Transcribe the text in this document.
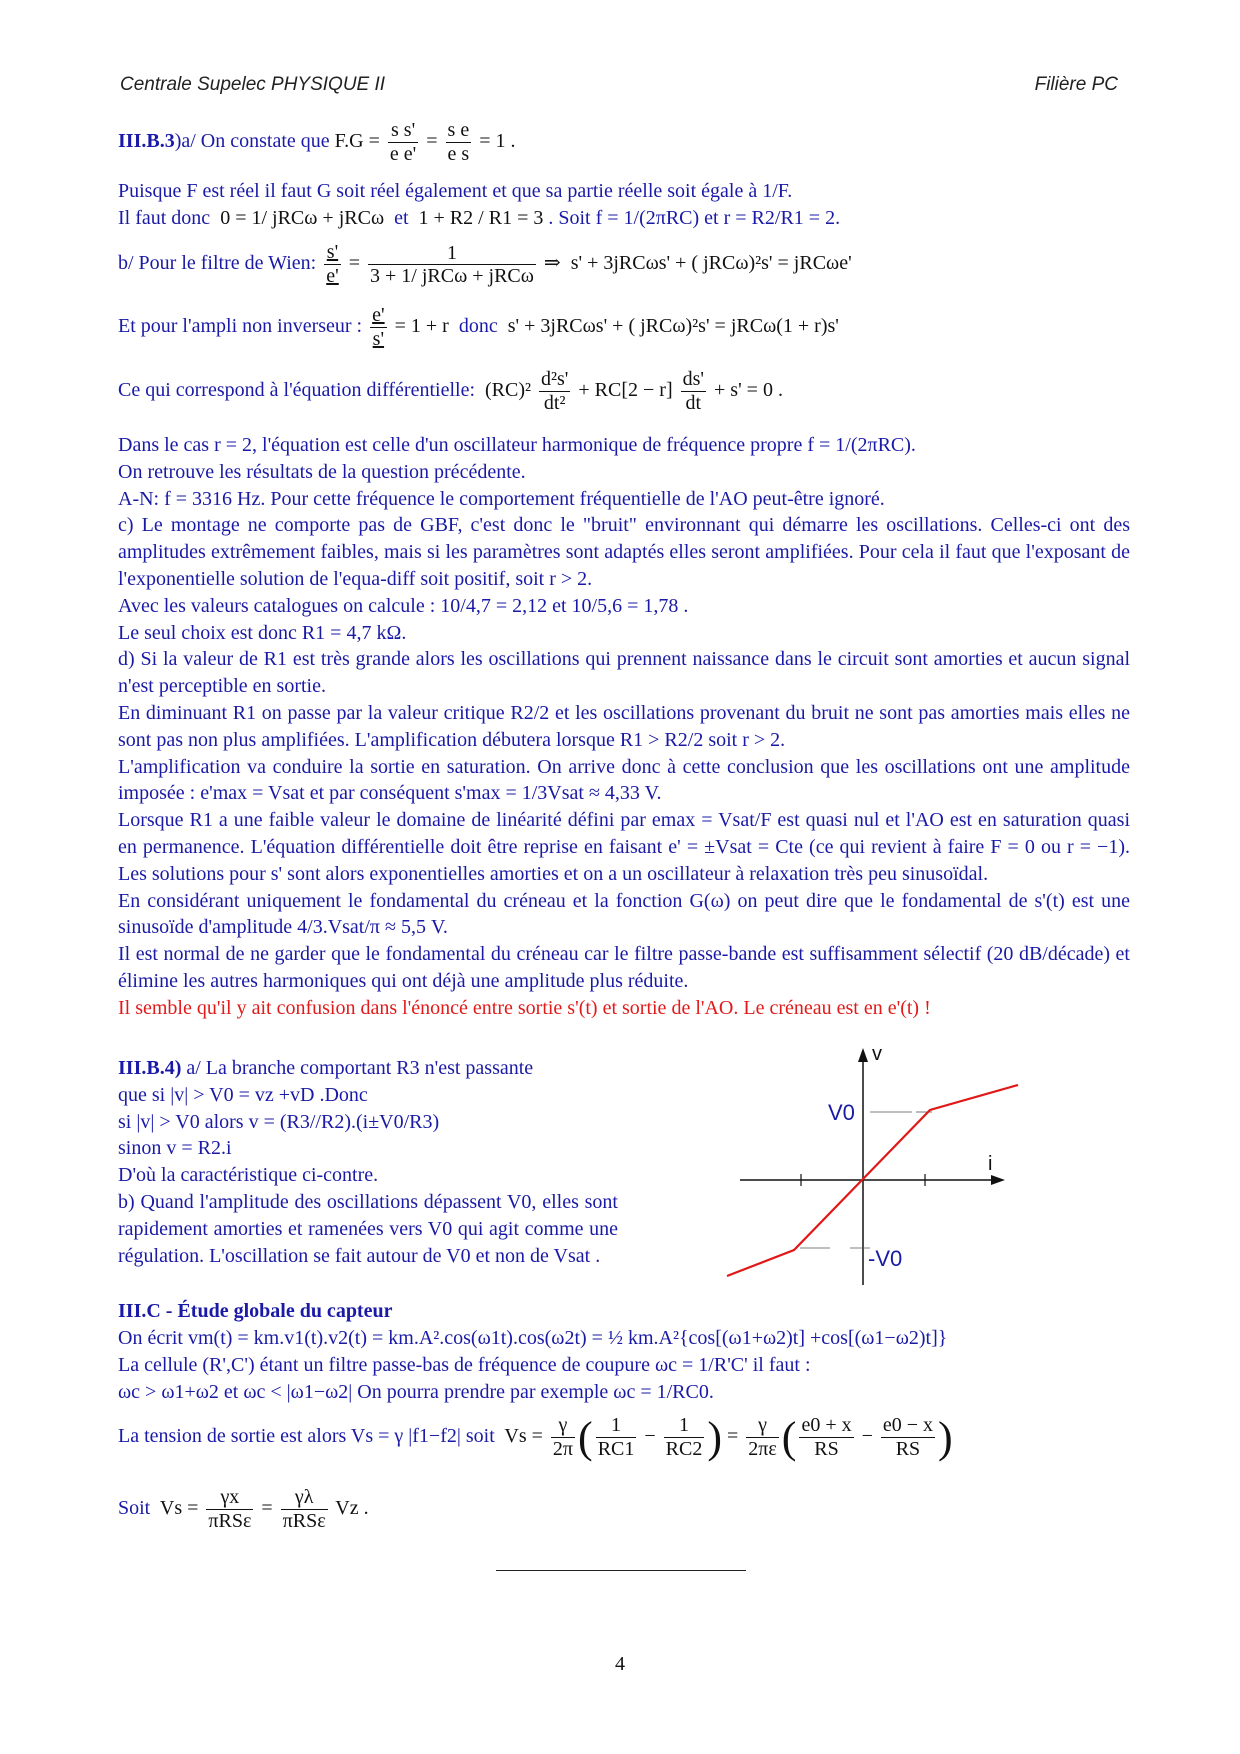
Centrale Supelec PHYSIQUE II	Filière PC
III.B.3)a/ On constate que $F.G = \frac{\text{s s'}}{\text{e e'}} = \frac{\text{s e}}{\text{e s}} = 1$ .
Puisque F est réel il faut G soit réel également et que sa partie réelle soit égale à 1/F.
Il faut donc 0 = 1/ jRCω + jRCω et 1 + R2 / R1 = 3 . Soit f = 1/(2πRC) et r = R2/R1 = 2.
b/ Pour le filtre de Wien: $\frac{s'}{e'} = \frac{1}{\text{3 + 1/ jRCω + jRCω}}$ ⇒ s' + 3jRCωs' + ( jRCω)²s' = jRCωe'
Et pour l'ampli non inverseur : $\frac{e'}{s'} = 1 + r$ donc s' + 3jRCωs' + ( jRCω)²s' = jRCω(1 + r)s'
Ce qui correspond à l'équation différentielle: $(RC)^2 \frac{\text{d²s'}}{\text{dt²}} + RC[2 - r] \frac{ds'}{dt} + s' = 0$ .
Dans le cas r = 2, l'équation est celle d'un oscillateur harmonique de fréquence propre f = 1/(2πRC).
On retrouve les résultats de la question précédente.
A-N: f = 3316 Hz. Pour cette fréquence le comportement fréquentielle de l'AO peut-être ignoré.
c) Le montage ne comporte pas de GBF, c'est donc le "bruit" environnant qui démarre les oscillations. Celles-ci ont des amplitudes extrêmement faibles, mais si les paramètres sont adaptés elles seront amplifiées. Pour cela il faut que l'exposant de l'exponentielle solution de l'equa-diff soit positif, soit r > 2.
Avec les valeurs catalogues on calcule : 10/4,7 = 2,12 et 10/5,6 = 1,78 .
Le seul choix est donc R1 = 4,7 kΩ.
d) Si la valeur de R1 est très grande alors les oscillations qui prennent naissance dans le circuit sont amorties et aucun signal n'est perceptible en sortie.
En diminuant R1 on passe par la valeur critique R2/2 et les oscillations provenant du bruit ne sont pas amorties mais elles ne sont pas non plus amplifiées. L'amplification débutera lorsque R1 > R2/2 soit r > 2.
L'amplification va conduire la sortie en saturation. On arrive donc à cette conclusion que les oscillations ont une amplitude imposée : e'max = Vsat et par conséquent s'max = 1/3Vsat ≈ 4,33 V.
Lorsque R1 a une faible valeur le domaine de linéarité défini par emax = Vsat/F est quasi nul et l'AO est en saturation quasi en permanence. L'équation différentielle doit être reprise en faisant e' = ±Vsat = Cte (ce qui revient à faire F = 0 ou r = −1). Les solutions pour s' sont alors exponentielles amorties et on a un oscillateur à relaxation très peu sinusoïdal.
En considérant uniquement le fondamental du créneau et la fonction G(ω) on peut dire que le fondamental de s'(t) est une sinusoïde d'amplitude 4/3.Vsat/π ≈ 5,5 V.
Il est normal de ne garder que le fondamental du créneau car le filtre passe-bande est suffisamment sélectif (20 dB/décade) et élimine les autres harmoniques qui ont déjà une amplitude plus réduite.
Il semble qu'il y ait confusion dans l'énoncé entre sortie s'(t) et sortie de l'AO. Le créneau est en e'(t) !
III.B.4) a/ La branche comportant R3 n'est passante
que si |v| > V0 = vz +vD .Donc
si |v| > V0 alors v = (R3//R2).(i±V0/R3)
sinon v = R2.i
D'où la caractéristique ci-contre.
b) Quand l'amplitude des oscillations dépassent V0, elles sont rapidement amorties et ramenées vers V0 qui agit comme une régulation. L'oscillation se fait autour de V0 et non de Vsat .
v
i
V0
-V0
III.C - Étude globale du capteur
On écrit vm(t) = km.v1(t).v2(t) = km.A².cos(ω1t).cos(ω2t) = ½ km.A²{cos[(ω1+ω2)t] +cos[(ω1−ω2)t]}
La cellule (R',C') étant un filtre passe-bas de fréquence de coupure ωc = 1/R'C' il faut :
ωc > ω1+ω2 et ωc < |ω1−ω2| On pourra prendre par exemple ωc = 1/RC0.
La tension de sortie est alors Vs = γ |f1−f2| soit $Vs = \frac{\gamma}{2\pi}$ ( $\frac{1}{RC1} - \frac{1}{RC2}$ ) = $\frac{\gamma}{2\pi\varepsilon}$ ( $\frac{e0 + x}{RS} - \frac{e0 - x}{RS}$ )
Soit $Vs = \frac{\gamma x}{\text{πRSε}} = \frac{\gamma\lambda}{\text{πRSε}}$ Vz .
4
